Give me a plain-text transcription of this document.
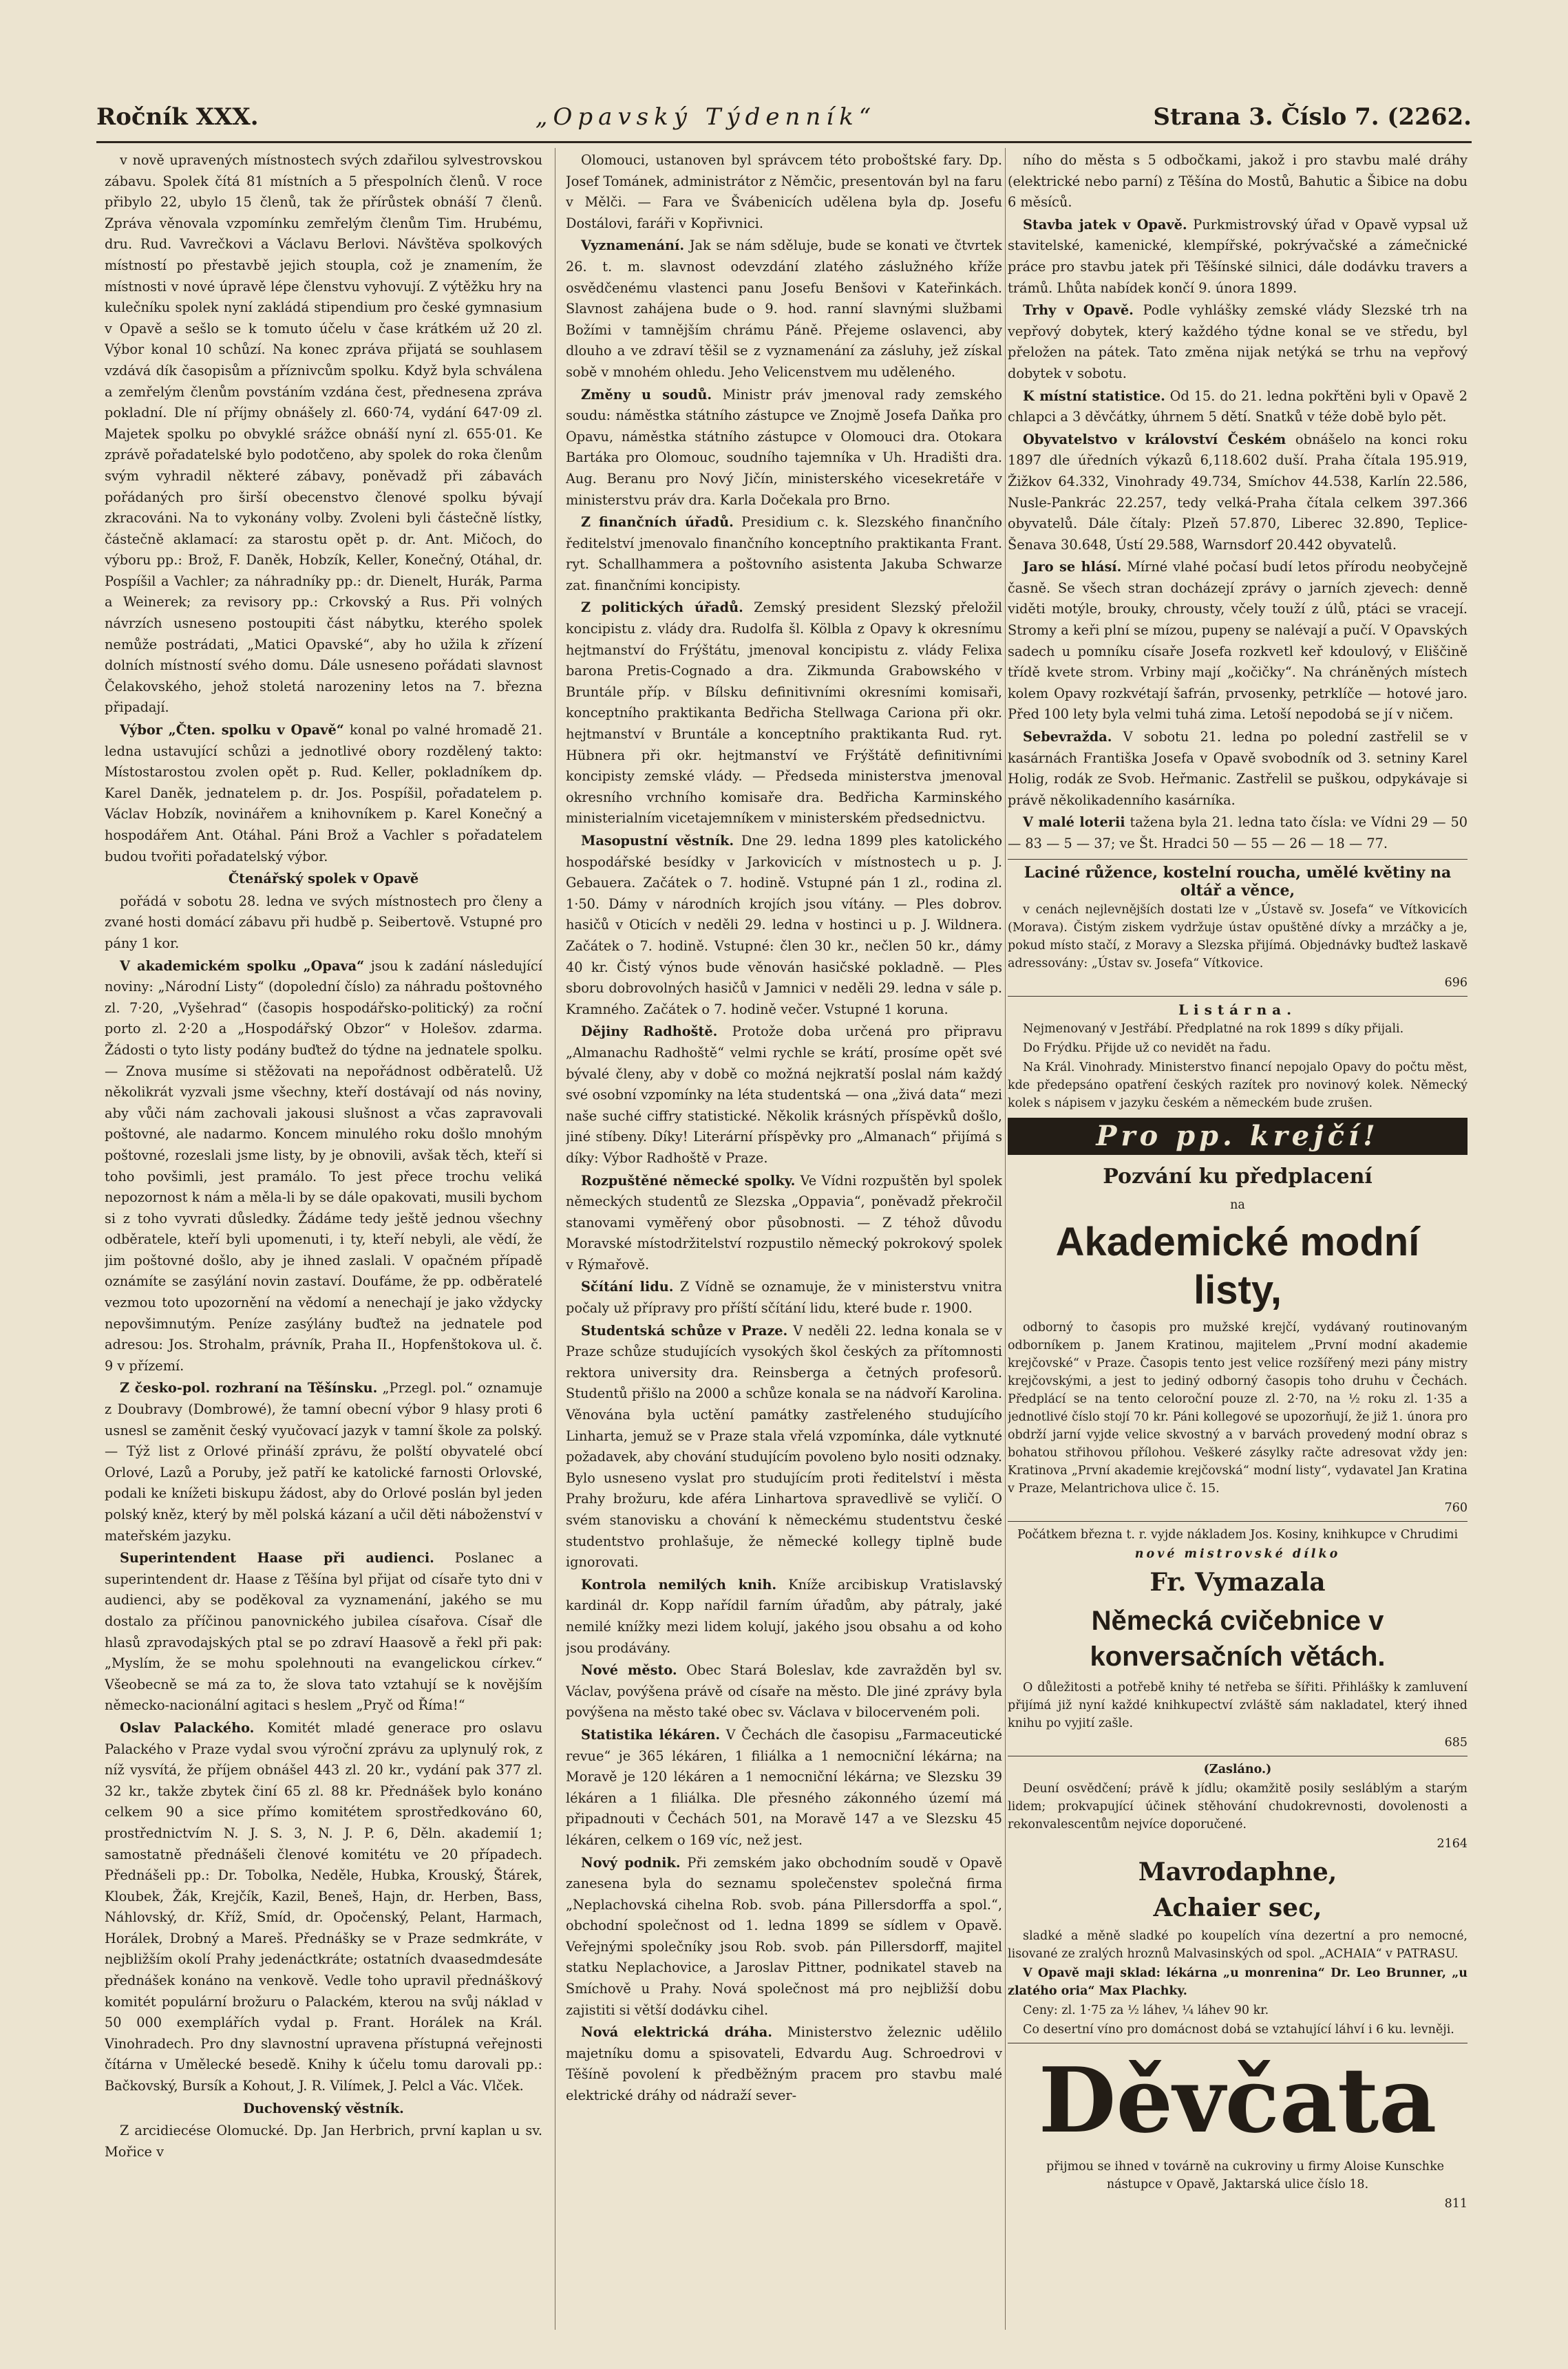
Ročník XXX.	„Opavský Týdenník“	Strana 3. Číslo 7. (2262.

v nově upravených místnostech svých zdařilou sylvestrovskou zábavu. Spolek čítá 81 místních a 5 přespolních členů. V roce přibylo 22, ubylo 15 členů, tak že přírůstek obnáší 7 členů. Zpráva věnovala vzpomínku zemřelým členům Tim. Hrubému, dru. Rud. Vavrečkovi a Václavu Berlovi. Návštěva spolkových místností po přestavbě jejich stoupla, což je znamením, že místnosti v nové úpravě lépe členstvu vyhovují. Z výtěžku hry na kulečníku spolek nyní zakládá stipendium pro české gymnasium v Opavě a sešlo se k tomuto účelu v čase krátkém už 20 zl. Výbor konal 10 schůzí. Na konec zpráva přijatá se souhlasem vzdává dík časopisům a příznivcům spolku. Když byla schválena a zemřelým členům povstáním vzdána čest, přednesena zpráva pokladní. Dle ní příjmy obnášely zl. 660·74, vydání 647·09 zl. Majetek spolku po obvyklé srážce obnáší nyní zl. 655·01. Ke zprávě pořadatelské bylo podotčeno, aby spolek do roka členům svým vyhradil některé zábavy, poněvadž při zábavách pořádaných pro širší obecenstvo členové spolku bývají zkracováni. Na to vykonány volby. Zvoleni byli částečně lístky, částečně aklamací: za starostu opět p. dr. Ant. Mičoch, do výboru pp.: Brož, F. Daněk, Hobzík, Keller, Konečný, Otáhal, dr. Pospíšil a Vachler; za náhradníky pp.: dr. Dienelt, Hurák, Parma a Weinerek; za revisory pp.: Crkovský a Rus. Při volných návrzích usneseno postoupiti část nábytku, kterého spolek nemůže postrádati, „Matici Opavské“, aby ho užila k zřízení dolních místností svého domu. Dále usneseno pořádati slavnost Čelakovského, jehož stoletá narozeniny letos na 7. března připadají.

Výbor „Čten. spolku v Opavě“ konal po valné hromadě 21. ledna ustavující schůzi a jednotlivé obory rozdělený takto: Místostarostou zvolen opět p. Rud. Keller, pokladníkem dp. Karel Daněk, jednatelem p. dr. Jos. Pospíšil, pořadatelem p. Václav Hobzík, novinářem a knihovníkem p. Karel Konečný a hospodářem Ant. Otáhal. Páni Brož a Vachler s pořadatelem budou tvořiti pořadatelský výbor.

Čtenářský spolek v Opavě

pořádá v sobotu 28. ledna ve svých místnostech pro členy a zvané hosti domácí zábavu při hudbě p. Seibertově. Vstupné pro pány 1 kor.

V akademickém spolku „Opava“ jsou k zadání následující noviny: „Národní Listy“ (dopolední číslo) za náhradu poštovného zl. 7·20, „Vyšehrad“ (časopis hospodářsko-politický) za roční porto zl. 2·20 a „Hospodářský Obzor“ v Holešov. zdarma. Žádosti o tyto listy podány buďtež do týdne na jednatele spolku. — Znova musíme si stěžovati na nepořádnost odběratelů. Už několikrát vyzvali jsme všechny, kteří dostávají od nás noviny, aby vůči nám zachovali jakousi slušnost a včas zapravovali poštovné, ale nadarmo. Koncem minulého roku došlo mnohým poštovné, rozeslali jsme listy, by je obnovili, avšak těch, kteří si toho povšimli, jest pramálo. To jest přece trochu veliká nepozornost k nám a měla-li by se dále opakovati, musili bychom si z toho vyvrati důsledky. Žádáme tedy ještě jednou všechny odběratele, kteří byli upomenuti, i ty, kteří nebyli, ale vědí, že jim poštovné došlo, aby je ihned zaslali. V opačném případě oznámíte se zasýlání novin zastaví. Doufáme, že pp. odběratelé vezmou toto upozornění na vědomí a nenechají je jako vždycky nepovšimnutým. Peníze zasýlány buďtež na jednatele pod adresou: Jos. Strohalm, právník, Praha II., Hopfenštokova ul. č. 9 v přízemí.

Z česko-pol. rozhraní na Těšínsku. „Przegl. pol.“ oznamuje z Doubravy (Dombrowé), že tamní obecní výbor 9 hlasy proti 6 usnesl se zaměnit český vyučovací jazyk v tamní škole za polský. — Týž list z Orlové přináší zprávu, že polští obyvatelé obcí Orlové, Lazů a Poruby, jež patří ke katolické farnosti Orlovské, podali ke knížeti biskupu žádost, aby do Orlové poslán byl jeden polský kněz, který by měl polská kázaní a učil děti náboženství v mateřském jazyku.

Superintendent Haase při audienci. Poslanec a superintendent dr. Haase z Těšína byl přijat od císaře tyto dni v audienci, aby se poděkoval za vyznamenání, jakého se mu dostalo za příčinou panovnického jubilea císařova. Císař dle hlasů zpravodajských ptal se po zdraví Haasově a řekl při pak: „Myslím, že se mohu spolehnouti na evangelickou církev.“ Všeobecně se má za to, že slova tato vztahují se k novějším německo-nacionální agitaci s heslem „Pryč od Říma!“

Oslav Palackého. Komitét mladé generace pro oslavu Palackého v Praze vydal svou výroční zprávu za uplynulý rok, z níž vysvítá, že příjem obnášel 443 zl. 20 kr., vydání pak 377 zl. 32 kr., takže zbytek činí 65 zl. 88 kr. Přednášek bylo konáno celkem 90 a sice přímo komitétem sprostředkováno 60, prostřednictvím N. J. S. 3, N. J. P. 6, Děln. akademií 1; samostatně přednášeli členové komitétu ve 20 případech. Přednášeli pp.: Dr. Tobolka, Neděle, Hubka, Krouský, Štárek, Kloubek, Žák, Krejčík, Kazil, Beneš, Hajn, dr. Herben, Bass, Náhlovský, dr. Kříž, Smíd, dr. Opočenský, Pelant, Harmach, Horálek, Drobný a Mareš. Přednášky se v Praze sedmkráte, v nejbližším okolí Prahy jedenáctkráte; ostatních dvaasedmdesáte přednášek konáno na venkově. Vedle toho upravil přednáškový komitét populární brožuru o Palackém, kterou na svůj náklad v 50 000 exemplářích vydal p. Frant. Horálek na Král. Vinohradech. Pro dny slavnostní upravena přístupná veřejnosti čítárna v Umělecké besedě. Knihy k účelu tomu darovali pp.: Bačkovský, Bursík a Kohout, J. R. Vilímek, J. Pelcl a Vác. Vlček.

Duchovenský věstník.

Z arcidiecése Olomucké. Dp. Jan Herbrich, první kaplan u sv. Mořice v

Olomouci, ustanoven byl správcem této proboštské fary. Dp. Josef Tománek, administrátor z Němčic, presentován byl na faru v Mělči. — Fara ve Švábenicích udělena byla dp. Josefu Dostálovi, faráři v Kopřivnici.

Vyznamenání. Jak se nám sděluje, bude se konati ve čtvrtek 26. t. m. slavnost odevzdání zlatého záslužného kříže osvědčenému vlastenci panu Josefu Benšovi v Kateřinkách. Slavnost zahájena bude o 9. hod. ranní slavnými službami Božími v tamnějším chrámu Páně. Přejeme oslavenci, aby dlouho a ve zdraví těšil se z vyznamenání za zásluhy, jež získal sobě v mnohém ohledu. Jeho Velicenstvem mu uděleného.

Změny u soudů. Ministr práv jmenoval rady zemského soudu: náměstka státního zástupce ve Znojmě Josefa Daňka pro Opavu, náměstka státního zástupce v Olomouci dra. Otokara Bartáka pro Olomouc, soudního tajemníka v Uh. Hradišti dra. Aug. Beranu pro Nový Jičín, ministerského vicesekretáře v ministerstvu práv dra. Karla Dočekala pro Brno.

Z finančních úřadů. Presidium c. k. Slezského finančního ředitelství jmenovalo finančního konceptního praktikanta Frant. ryt. Schallhammera a poštovního asistenta Jakuba Schwarze zat. finančními koncipisty.

Z politických úřadů. Zemský president Slezský přeložil koncipistu z. vlády dra. Rudolfa šl. Kölbla z Opavy k okresnímu hejtmanství do Frýštátu, jmenoval koncipistu z. vlády Felixa barona Pretis-Cognado a dra. Zikmunda Grabowského v Bruntále příp. v Bílsku definitivními okresními komisaři, konceptního praktikanta Bedřicha Stellwaga Cariona při okr. hejtmanství v Bruntále a konceptního praktikanta Rud. ryt. Hübnera při okr. hejtmanství ve Frýštátě definitivními koncipisty zemské vlády. — Předseda ministerstva jmenoval okresního vrchního komisaře dra. Bedřicha Karminského ministerialním vicetajemníkem v ministerském předsednictvu.

Masopustní věstník. Dne 29. ledna 1899 ples katolického hospodářské besídky v Jarkovicích v místnostech u p. J. Gebauera. Začátek o 7. hodině. Vstupné pán 1 zl., rodina zl. 1·50. Dámy v národních krojích jsou vítány. — Ples dobrov. hasičů v Oticích v neděli 29. ledna v hostinci u p. J. Wildnera. Začátek o 7. hodině. Vstupné: člen 30 kr., nečlen 50 kr., dámy 40 kr. Čistý výnos bude věnován hasičské pokladně. — Ples sboru dobrovolných hasičů v Jamnici v neděli 29. ledna v sále p. Kramného. Začátek o 7. hodině večer. Vstupné 1 koruna.

Dějiny Radhoště. Protože doba určená pro připravu „Almanachu Radhoště“ velmi rychle se krátí, prosíme opět své bývalé členy, aby v době co možná nejkratší poslal nám každý své osobní vzpomínky na léta studentská — ona „živá data“ mezi naše suché ciffry statistické. Několik krásných příspěvků došlo, jiné stíbeny. Díky! Literární příspěvky pro „Almanach“ přijímá s díky: Výbor Radhoště v Praze.

Rozpuštěné německé spolky. Ve Vídni rozpuštěn byl spolek německých studentů ze Slezska „Oppavia“, poněvadž překročil stanovami vyměřený obor působnosti. — Z téhož důvodu Moravské místodržitelství rozpustilo německý pokrokový spolek v Rýmařově.

Sčítání lidu. Z Vídně se oznamuje, že v ministerstvu vnitra počaly už přípravy pro příští sčítání lidu, které bude r. 1900.

Studentská schůze v Praze. V neděli 22. ledna konala se v Praze schůze studujících vysokých škol českých za přítomnosti rektora university dra. Reinsberga a četných profesorů. Studentů přišlo na 2000 a schůze konala se na nádvoří Karolina. Věnována byla uctění památky zastřeleného studujícího Linharta, jemuž se v Praze stala vřelá vzpomínka, dále vytknuté požadavek, aby chování studujícím povoleno bylo nositi odznaky. Bylo usneseno vyslat pro studujícím proti ředitelství i města Prahy brožuru, kde aféra Linhartova spravedlivě se vyličí. O svém stanovisku a chování k německému studentstvu české studentstvo prohlašuje, že německé kollegy tiplně bude ignorovati.

Kontrola nemilých knih. Kníže arcibiskup Vratislavský kardinál dr. Kopp nařídil farním úřadům, aby pátraly, jaké nemilé knížky mezi lidem kolují, jakého jsou obsahu a od koho jsou prodávány.

Nové město. Obec Stará Boleslav, kde zavražděn byl sv. Václav, povýšena právě od císaře na město. Dle jiné zprávy byla povýšena na město také obec sv. Václava v bilocerveném poli.

Statistika lékáren. V Čechách dle časopisu „Farmaceutické revue“ je 365 lékáren, 1 filiálka a 1 nemocniční lékárna; na Moravě je 120 lékáren a 1 nemocniční lékárna; ve Slezsku 39 lékáren a 1 filiálka. Dle přesného zákonného území má připadnouti v Čechách 501, na Moravě 147 a ve Slezsku 45 lékáren, celkem o 169 víc, než jest.

Nový podnik. Při zemském jako obchodním soudě v Opavě zanesena byla do seznamu společenstev společná firma „Neplachovská cihelna Rob. svob. pána Pillersdorffa a spol.“, obchodní společnost od 1. ledna 1899 se sídlem v Opavě. Veřejnými společníky jsou Rob. svob. pán Pillersdorff, majitel statku Neplachovice, a Jaroslav Pittner, podnikatel staveb na Smíchově u Prahy. Nová společnost má pro nejbližší dobu zajistiti si větší dodávku cihel.

Nová elektrická dráha. Ministerstvo železnic udělilo majetníku domu a spisovateli, Edvardu Aug. Schroedrovi v Těšíně povolení k předběžným pracem pro stavbu malé elektrické dráhy od nádraží sever-

ního do města s 5 odbočkami, jakož i pro stavbu malé dráhy (elektrické nebo parní) z Těšína do Mostů, Bahutic a Šibice na dobu 6 měsíců.

Stavba jatek v Opavě. Purkmistrovský úřad v Opavě vypsal už stavitelské, kamenické, klempířské, pokrývačské a zámečnické práce pro stavbu jatek při Těšínské silnici, dále dodávku travers a trámů. Lhůta nabídek končí 9. února 1899.

Trhy v Opavě. Podle vyhlášky zemské vlády Slezské trh na vepřový dobytek, který každého týdne konal se ve středu, byl přeložen na pátek. Tato změna nijak netýká se trhu na vepřový dobytek v sobotu.

K místní statistice. Od 15. do 21. ledna pokřtěni byli v Opavě 2 chlapci a 3 děvčátky, úhrnem 5 dětí. Snatků v téže době bylo pět.

Obyvatelstvo v království Českém obnášelo na konci roku 1897 dle úředních výkazů 6,118.602 duší. Praha čítala 195.919, Žižkov 64.332, Vinohrady 49.734, Smíchov 44.538, Karlín 22.586, Nusle-Pankrác 22.257, tedy velká-Praha čítala celkem 397.366 obyvatelů. Dále čítaly: Plzeň 57.870, Liberec 32.890, Teplice-Šenava 30.648, Ústí 29.588, Warnsdorf 20.442 obyvatelů.

Jaro se hlásí. Mírné vlahé počasí budí letos přírodu neobyčejně časně. Se všech stran docházejí zprávy o jarních zjevech: denně viděti motýle, brouky, chrousty, včely touží z úlů, ptáci se vracejí. Stromy a keři plní se mízou, pupeny se nalévají a pučí. V Opavských sadech u pomníku císaře Josefa rozkvetl keř kdoulový, v Eliščině třídě kvete strom. Vrbiny mají „kočičky“. Na chráněných místech kolem Opavy rozkvétají šafrán, prvosenky, petrklíče — hotové jaro. Před 100 lety byla velmi tuhá zima. Letoší nepodobá se jí v ničem.

Sebevražda. V sobotu 21. ledna po polední zastřelil se v kasárnách Františka Josefa v Opavě svobodník od 3. setniny Karel Holig, rodák ze Svob. Heřmanic. Zastřelil se puškou, odpykávaje si právě několikadenního kasárníka.

V malé loterii tažena byla 21. ledna tato čísla: ve Vídni 29 — 50 — 83 — 5 — 37; ve Št. Hradci 50 — 55 — 26 — 18 — 77.

Laciné růžence, kostelní roucha, umělé květiny na oltář a věnce,

v cenách nejlevnějších dostati lze v „Ústavě sv. Josefa“ ve Vítkovicích (Morava). Čistým ziskem vydržuje ústav opuštěné dívky a mrzáčky a je, pokud místo stačí, z Moravy a Slezska přijímá. Objednávky buďtež laskavě adressovány: „Ústav sv. Josefa“ Vítkovice.

696
Listárna.

Nejmenovaný v Jestřábí. Předplatné na rok 1899 s díky přijali.

Do Frýdku. Přijde už co nevidět na řadu.

Na Král. Vinohrady. Ministerstvo financí nepojalo Opavy do počtu měst, kde předepsáno opatření českých razítek pro novinový kolek. Německý kolek s nápisem v jazyku českém a německém bude zrušen.

Pro pp. krejčí!
Pozvání ku předplacení
na
Akademické modní listy,

odborný to časopis pro mužské krejčí, vydávaný routinovaným odborníkem p. Janem Kratinou, majitelem „První modní akademie krejčovské“ v Praze. Časopis tento jest velice rozšířený mezi pány mistry krejčovskými, a jest to jediný odborný časopis toho druhu v Čechách. Předplácí se na tento celoroční pouze zl. 2·70, na ½ roku zl. 1·35 a jednotlivé číslo stojí 70 kr. Páni kollegové se upozorňují, že již 1. února pro obdrží jarní vyjde velice skvostný a v barvách provedený modní obraz s bohatou střihovou přílohou. Veškeré zásylky račte adresovat vždy jen: Kratinova „První akademie krejčovská“ modní listy“, vydavatel Jan Kratina v Praze, Melantrichova ulice č. 15.

760

Počátkem března t. r. vyjde nákladem Jos. Kosiny, knihkupce v Chrudimi

nové mistrovské dílko
Fr. Vymazala
Německá cvičebnice v konversačních větách.

O důležitosti a potřebě knihy té netřeba se šířiti. Přihlášky k zamluvení přijímá již nyní každé knihkupectví zvláště sám nakladatel, který ihned knihu po vyjití zašle.

685
(Zasláno.)

Deuní osvědčení; právě k jídlu; okamžitě posily sesláblým a starým lidem; prokvapující účinek stěhování chudokrevnosti, dovolenosti a rekonvalescentům nejvíce doporučené.

2164
Mavrodaphne,
Achaier sec,

sladké a měně sladké po koupelích vína dezertní a pro nemocné, lisované ze zralých hroznů Malvasinských od spol. „ACHAIA“ v PATRASU.

V Opavě maji sklad: lékárna „u monrenina“ Dr. Leo Brunner, „u zlatého oria“ Max Plachky.

Ceny: zl. 1·75 za ½ láhev, ¼ láhev 90 kr.

Co desertní víno pro domácnost dobá se vztahující láhví i 6 ku. levněji.

Děvčata

přijmou se ihned v továrně na cukroviny u firmy Aloise Kunschke nástupce v Opavě, Jaktarská ulice číslo 18.

811
